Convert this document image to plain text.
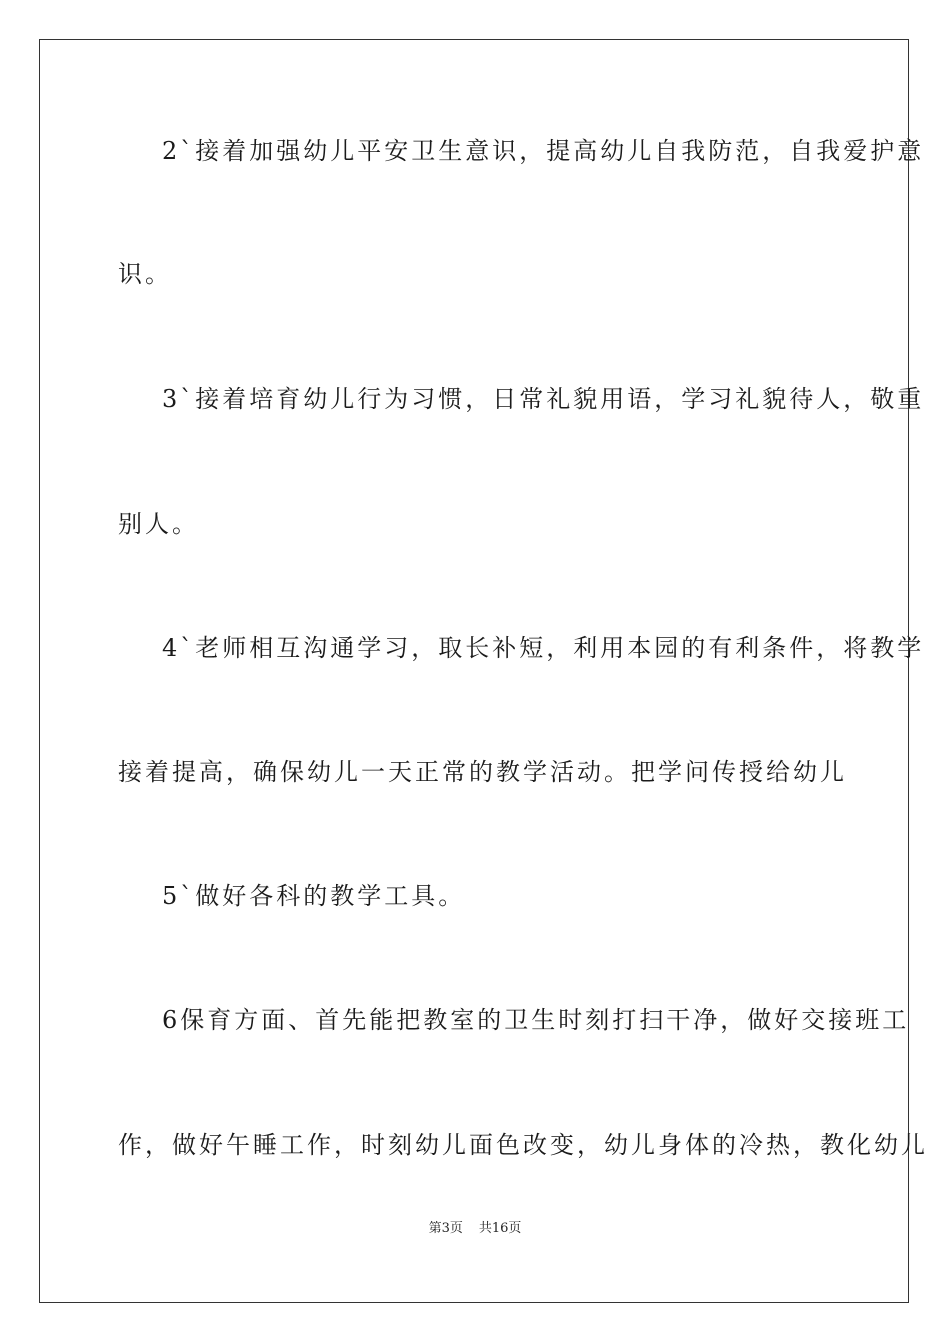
2`接着加强幼儿平安卫生意识，提高幼儿自我防范，自我爱护意
识。
3`接着培育幼儿行为习惯，日常礼貌用语，学习礼貌待人，敬重
别人。
4`老师相互沟通学习，取长补短，利用本园的有利条件，将教学
接着提高，确保幼儿一天正常的教学活动。把学问传授给幼儿
5`做好各科的教学工具。
6保育方面、首先能把教室的卫生时刻打扫干净，做好交接班工
作，做好午睡工作，时刻幼儿面色改变，幼儿身体的冷热，教化幼儿
第3页 共16页
